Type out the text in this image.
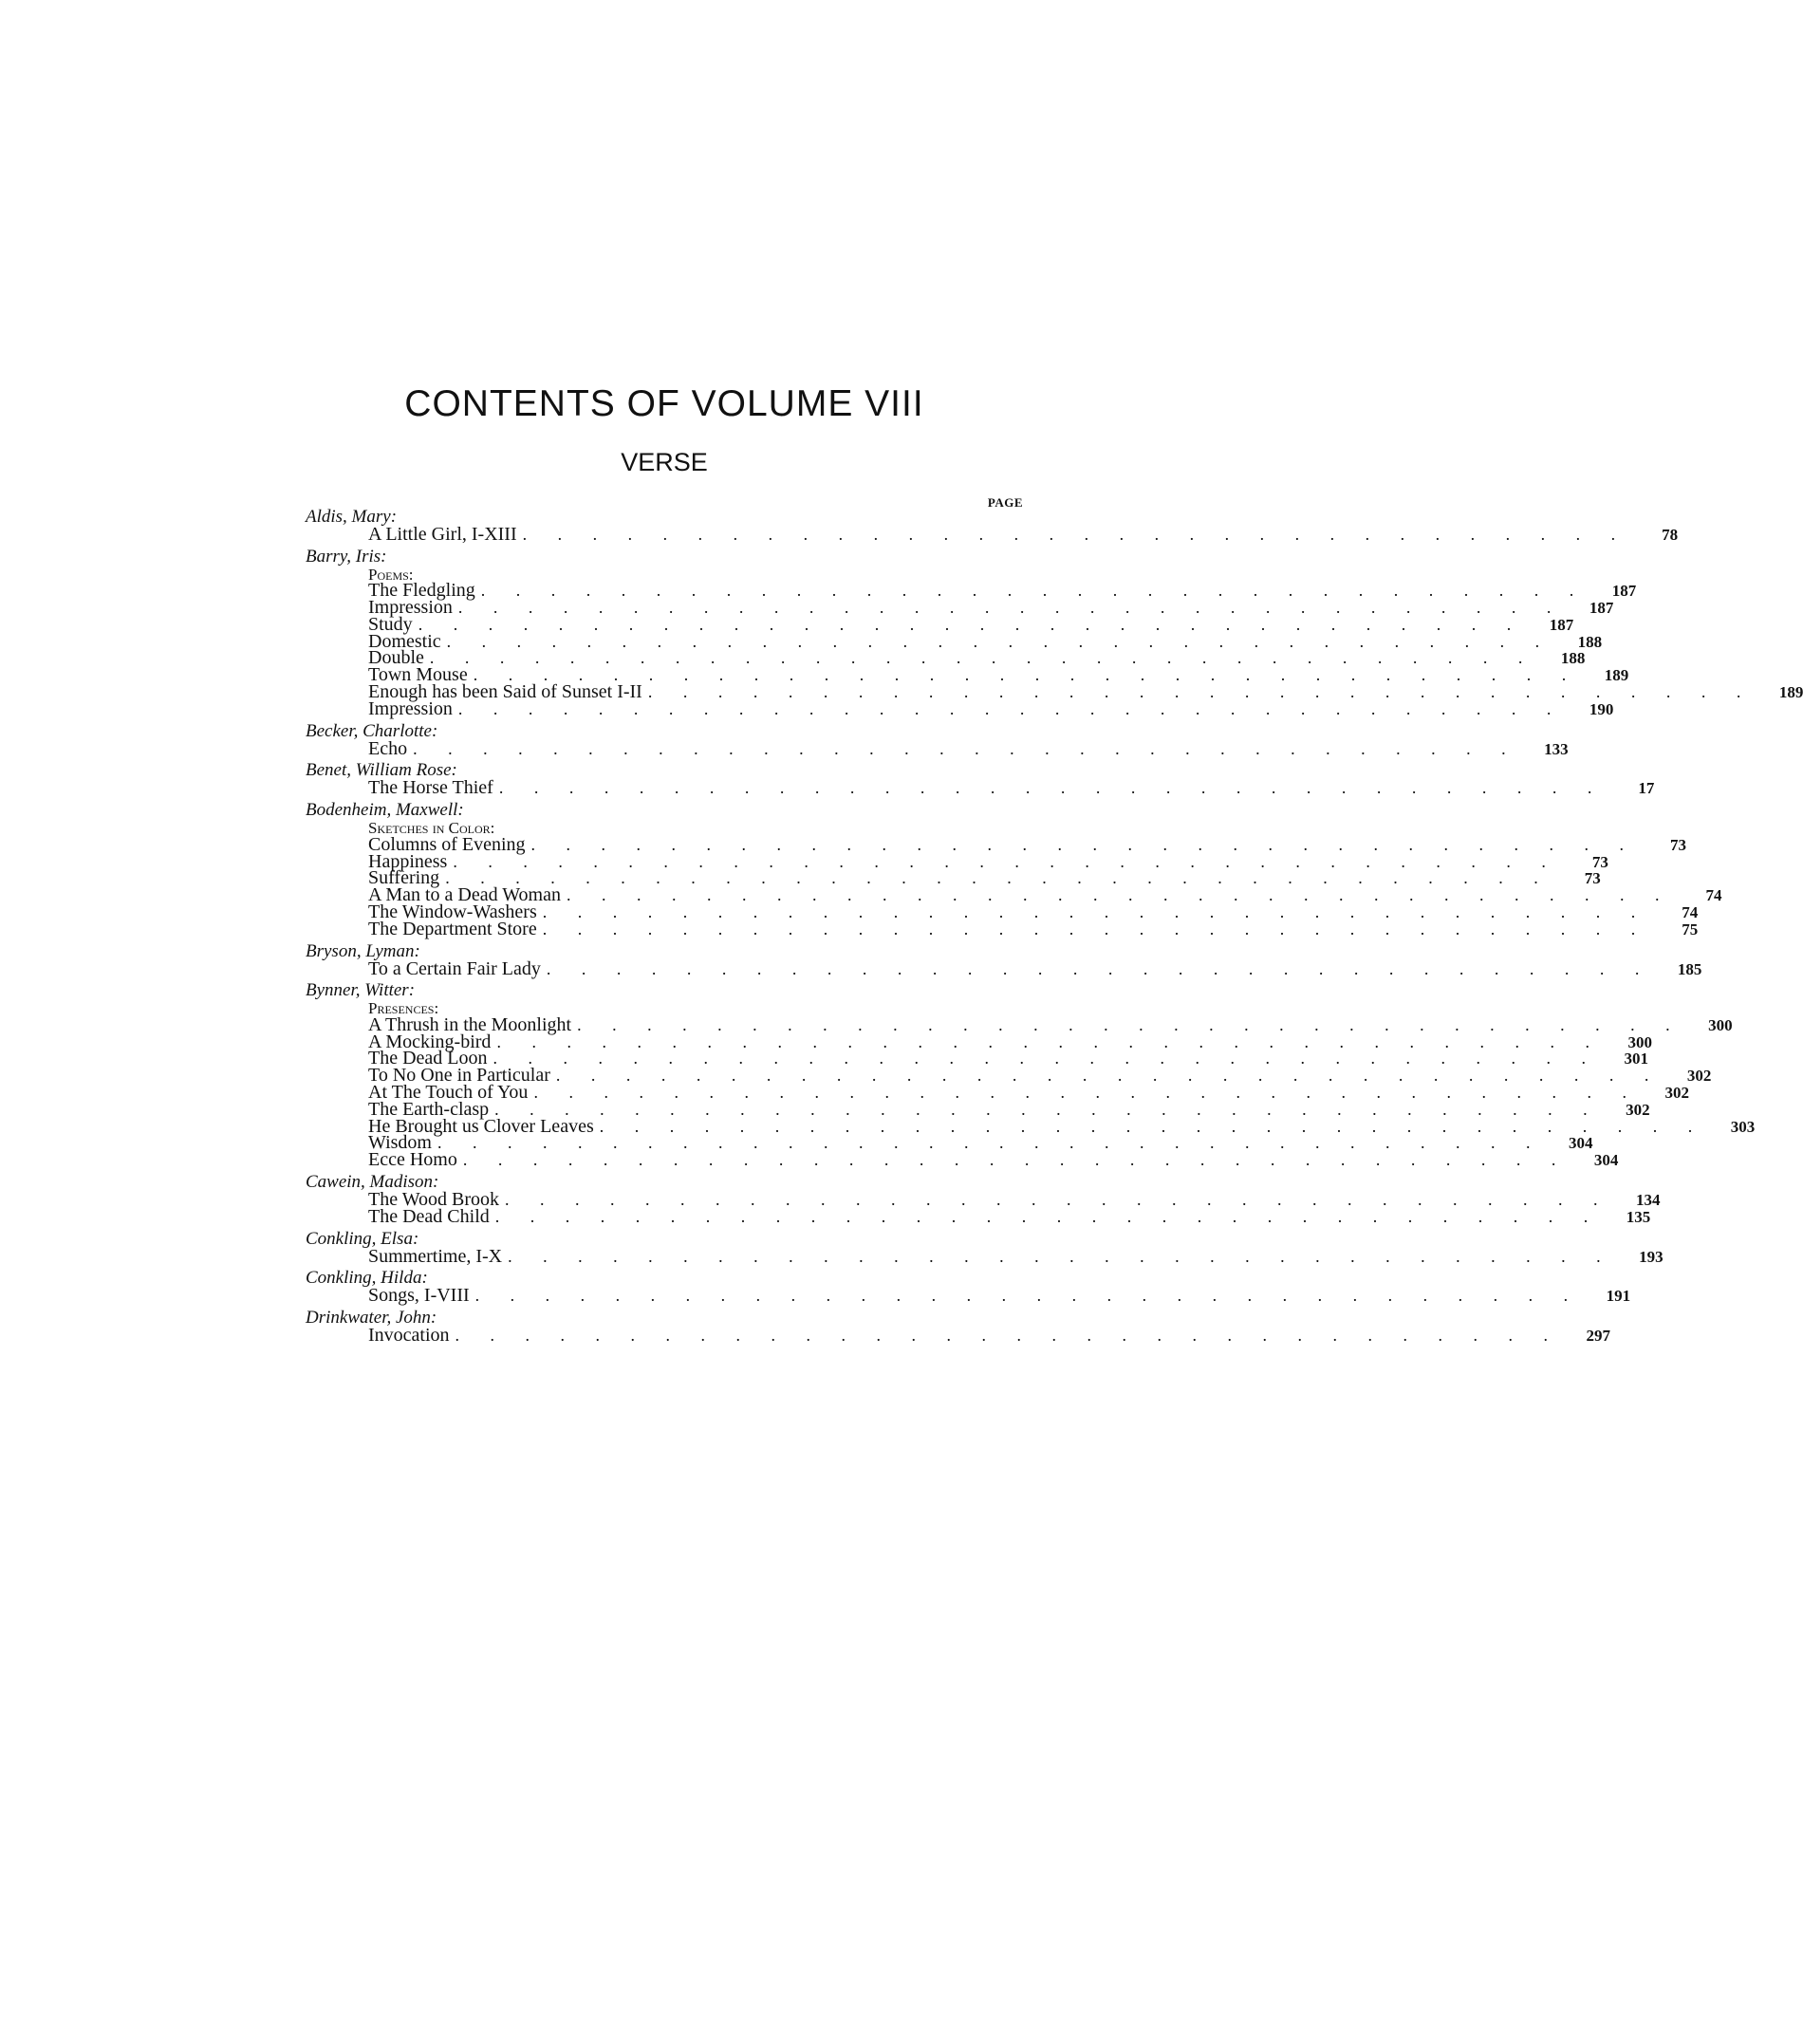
CONTENTS OF VOLUME VIII
VERSE
PAGE
Aldis, Mary:
A Little Girl, I-XIII . . . . . . . . . . . . . . . . . . . . . . . . . . . . . . . .	78
Barry, Iris:
Poems:
The Fledgling . . . . . . . . . . . . . . . . . . . . . . . . . . . . . . . .	187
Impression . . . . . . . . . . . . . . . . . . . . . . . . . . . . . . . .	187
Study . . . . . . . . . . . . . . . . . . . . . . . . . . . . . . . .	187
Domestic . . . . . . . . . . . . . . . . . . . . . . . . . . . . . . . .	188
Double . . . . . . . . . . . . . . . . . . . . . . . . . . . . . . . .	188
Town Mouse . . . . . . . . . . . . . . . . . . . . . . . . . . . . . . . .	189
Enough has been Said of Sunset I-II . . . . . . . . . . . . . . . . . . . . . . . . . . . . . . . .	189
Impression . . . . . . . . . . . . . . . . . . . . . . . . . . . . . . . .	190
Becker, Charlotte:
Echo . . . . . . . . . . . . . . . . . . . . . . . . . . . . . . . .	133
Benet, William Rose:
The Horse Thief . . . . . . . . . . . . . . . . . . . . . . . . . . . . . . . .	17
Bodenheim, Maxwell:
Sketches in Color:
Columns of Evening . . . . . . . . . . . . . . . . . . . . . . . . . . . . . . . .	73
Happiness . . . . . . . . . . . . . . . . . . . . . . . . . . . . . . . .	73
Suffering . . . . . . . . . . . . . . . . . . . . . . . . . . . . . . . .	73
A Man to a Dead Woman . . . . . . . . . . . . . . . . . . . . . . . . . . . . . . . .	74
The Window-Washers . . . . . . . . . . . . . . . . . . . . . . . . . . . . . . . .	74
The Department Store . . . . . . . . . . . . . . . . . . . . . . . . . . . . . . . .	75
Bryson, Lyman:
To a Certain Fair Lady . . . . . . . . . . . . . . . . . . . . . . . . . . . . . . . .	185
Bynner, Witter:
Presences:
A Thrush in the Moonlight . . . . . . . . . . . . . . . . . . . . . . . . . . . . . . . .	300
A Mocking-bird . . . . . . . . . . . . . . . . . . . . . . . . . . . . . . . .	300
The Dead Loon . . . . . . . . . . . . . . . . . . . . . . . . . . . . . . . .	301
To No One in Particular . . . . . . . . . . . . . . . . . . . . . . . . . . . . . . . .	302
At The Touch of You . . . . . . . . . . . . . . . . . . . . . . . . . . . . . . . .	302
The Earth-clasp . . . . . . . . . . . . . . . . . . . . . . . . . . . . . . . .	302
He Brought us Clover Leaves . . . . . . . . . . . . . . . . . . . . . . . . . . . . . . . .	303
Wisdom . . . . . . . . . . . . . . . . . . . . . . . . . . . . . . . .	304
Ecce Homo . . . . . . . . . . . . . . . . . . . . . . . . . . . . . . . .	304
Cawein, Madison:
The Wood Brook . . . . . . . . . . . . . . . . . . . . . . . . . . . . . . . .	134
The Dead Child . . . . . . . . . . . . . . . . . . . . . . . . . . . . . . . .	135
Conkling, Elsa:
Summertime, I-X . . . . . . . . . . . . . . . . . . . . . . . . . . . . . . . .	193
Conkling, Hilda:
Songs, I-VIII . . . . . . . . . . . . . . . . . . . . . . . . . . . . . . . .	191
Drinkwater, John:
Invocation . . . . . . . . . . . . . . . . . . . . . . . . . . . . . . . .	297
